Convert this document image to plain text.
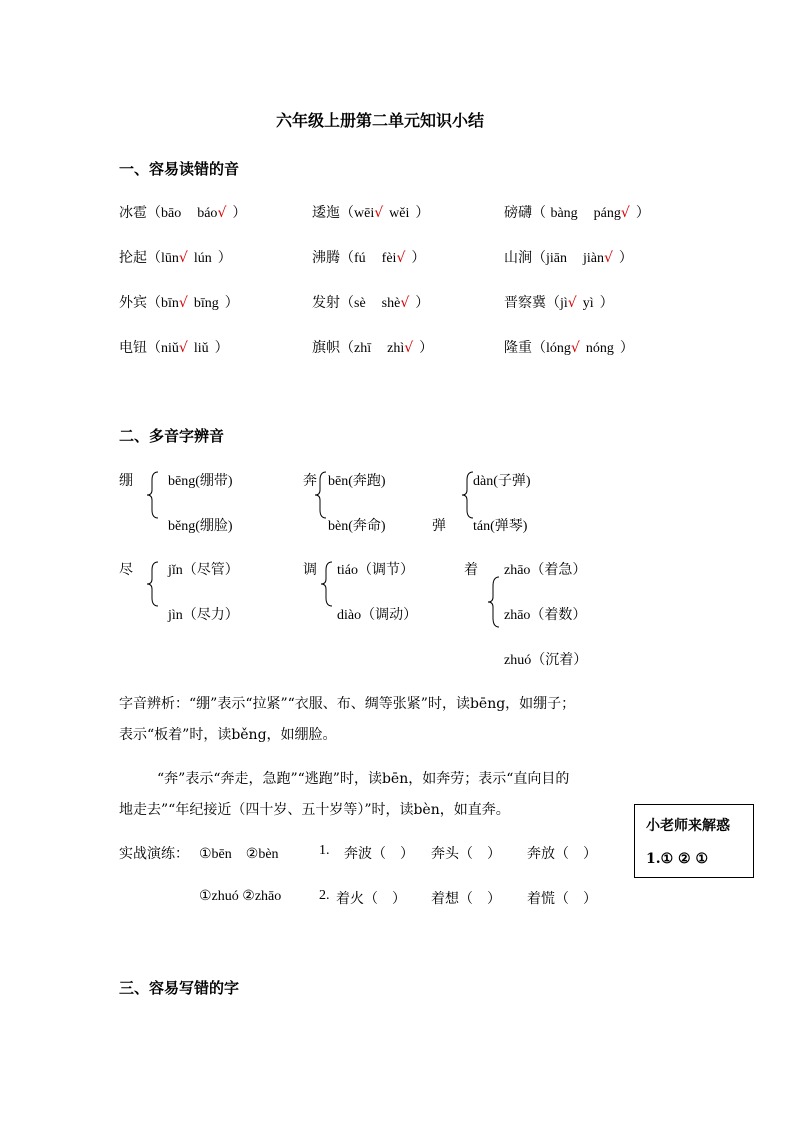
六年级上册第二单元知识小结
一、容易读错的音
冰雹（bāo báo√ ）	逶迤（wēi√ wěi ）	磅礴（ bàng páng√ ）
抡起（lūn√ lún ）	沸腾（fú fèi√ ）	山涧（jiān jiàn√ ）
外宾（bīn√ bīng ）	发射（sè shè√ ）	晋察冀（jì√ yì ）
电钮（niǔ√ liǔ ）	旗帜（zhī zhì√ ）	隆重（lóng√ nóng ）
二、多音字辨音
绷	bēng(绷带)
běng(绷脸)
奔 bēn(奔跑)
bèn(奔命)	弹
dàn(子弹)
tán(弹琴)
尽	jǐn（尽管）
jìn（尽力）
调 tiáo（调节）
diào（调动）
着 zhāo（着急）
zhāo（着数）
zhuó（沉着）
字音辨析：“绷”表示“拉紧”“衣服、布、绸等张紧”时，读bēng，如绷子；
表示“板着”时，读běng，如绷脸。
“奔”表示“奔走，急跑”“逃跑”时，读bēn，如奔劳；表示“直向目的
地走去”“年纪接近（四十岁、五十岁等）”时，读bèn，如直奔。
实战演练： ①bēn　②bèn	1. 奔波（　） 奔头（　） 奔放（　）
①zhuó ②zhāo	2. 着火（　） 着想（　） 着慌（　）
小老师来解惑
1.① ② ①
三、容易写错的字
